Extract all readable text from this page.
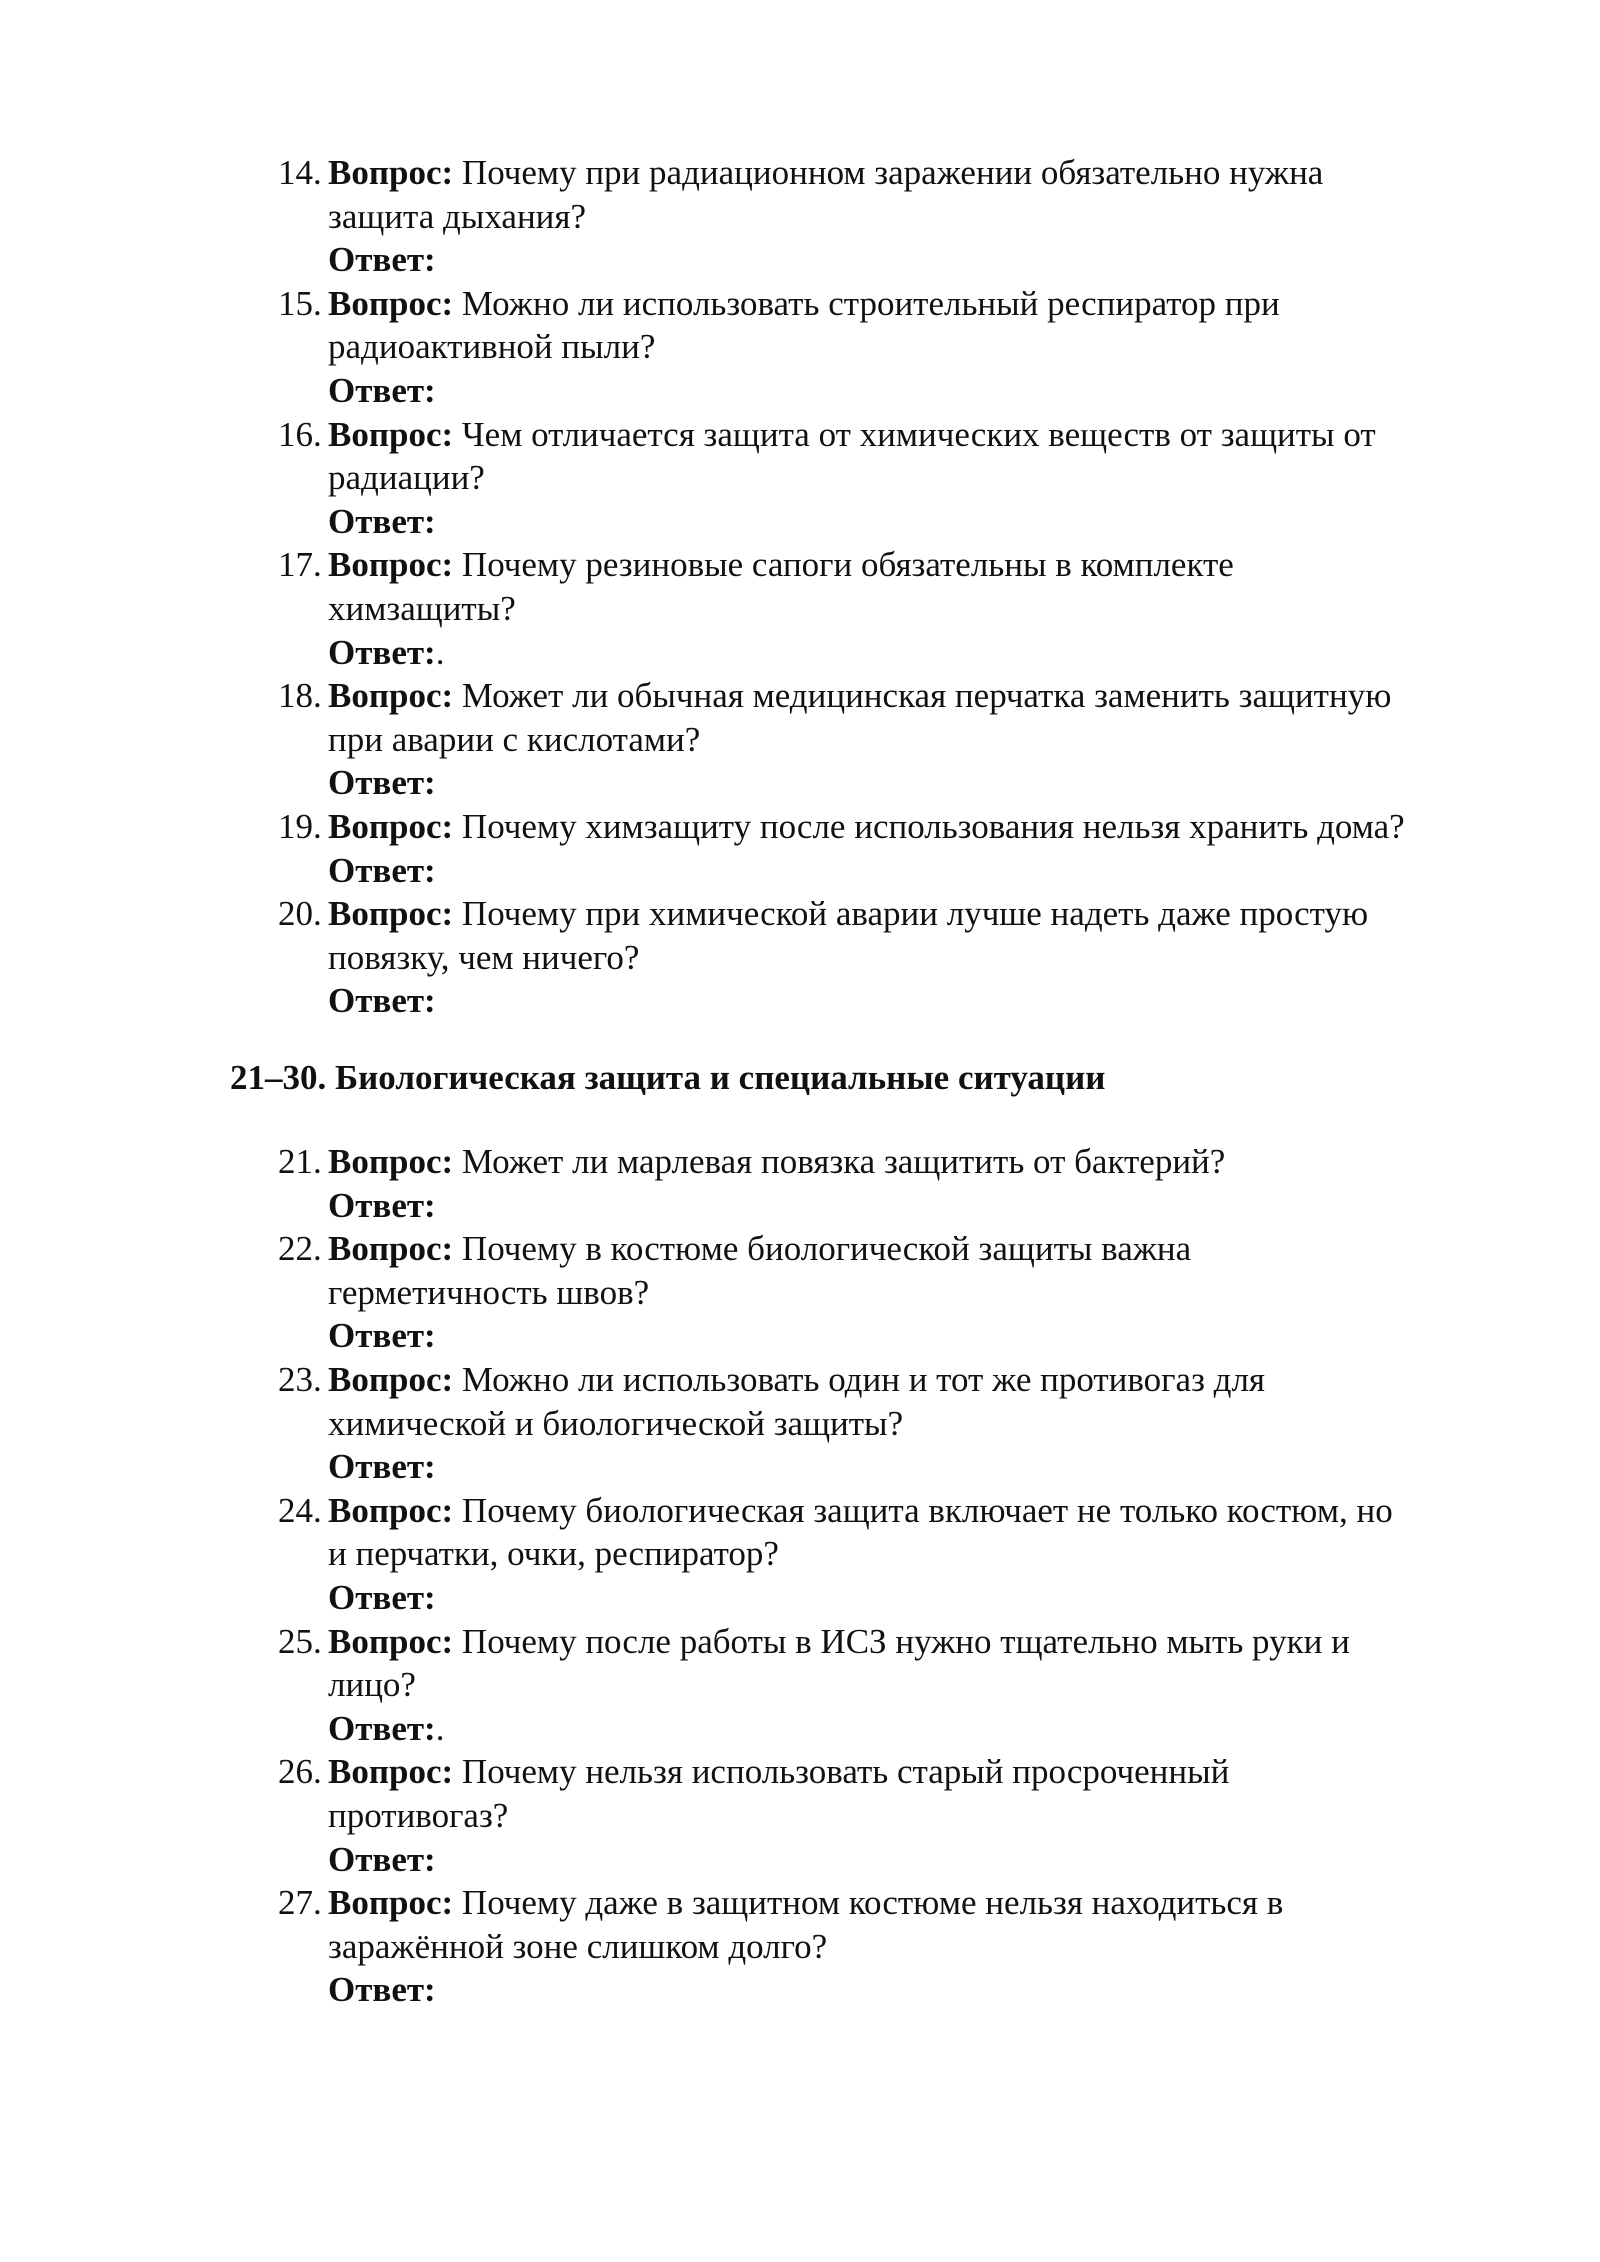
14. Вопрос: Почему при радиационном заражении обязательно нужна
защита дыхания?
Ответ:
15. Вопрос: Можно ли использовать строительный респиратор при
радиоактивной пыли?
Ответ:
16. Вопрос: Чем отличается защита от химических веществ от защиты от
радиации?
Ответ:
17. Вопрос: Почему резиновые сапоги обязательны в комплекте
химзащиты?
Ответ:.
18. Вопрос: Может ли обычная медицинская перчатка заменить защитную
при аварии с кислотами?
Ответ:
19. Вопрос: Почему химзащиту после использования нельзя хранить дома?
Ответ:
20. Вопрос: Почему при химической аварии лучше надеть даже простую
повязку, чем ничего?
Ответ:
21–30. Биологическая защита и специальные ситуации
21. Вопрос: Может ли марлевая повязка защитить от бактерий?
Ответ:
22. Вопрос: Почему в костюме биологической защиты важна
герметичность швов?
Ответ:
23. Вопрос: Можно ли использовать один и тот же противогаз для
химической и биологической защиты?
Ответ:
24. Вопрос: Почему биологическая защита включает не только костюм, но
и перчатки, очки, респиратор?
Ответ:
25. Вопрос: Почему после работы в ИСЗ нужно тщательно мыть руки и
лицо?
Ответ:.
26. Вопрос: Почему нельзя использовать старый просроченный
противогаз?
Ответ:
27. Вопрос: Почему даже в защитном костюме нельзя находиться в
заражённой зоне слишком долго?
Ответ:
